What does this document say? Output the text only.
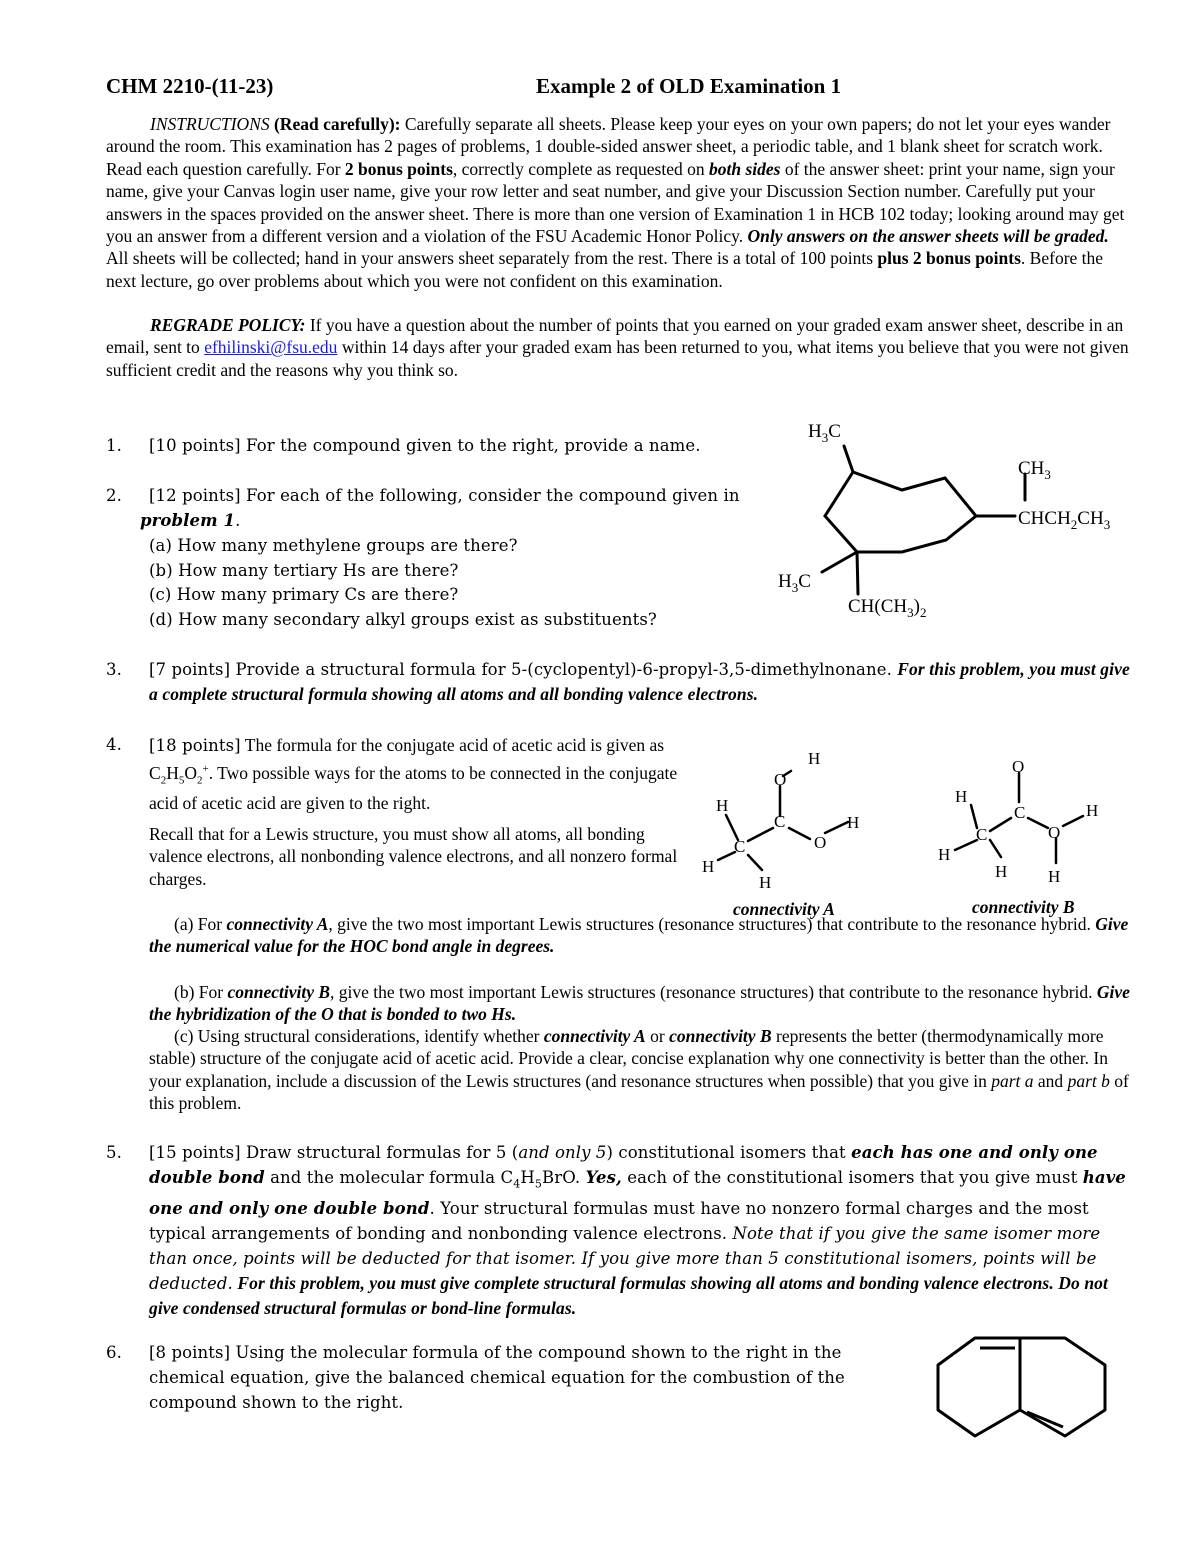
CHM 2210-(11-23)	Example 2 of OLD Examination 1
INSTRUCTIONS (Read carefully): Carefully separate all sheets. Please keep your eyes on your own papers; do not let your eyes wander around the room. This examination has 2 pages of problems, 1 double-sided answer sheet, a periodic table, and 1 blank sheet for scratch work. Read each question carefully. For 2 bonus points, correctly complete as requested on both sides of the answer sheet: print your name, sign your name, give your Canvas login user name, give your row letter and seat number, and give your Discussion Section number. Carefully put your answers in the spaces provided on the answer sheet. There is more than one version of Examination 1 in HCB 102 today; looking around may get you an answer from a different version and a violation of the FSU Academic Honor Policy. Only answers on the answer sheets will be graded. All sheets will be collected; hand in your answers sheet separately from the rest. There is a total of 100 points plus 2 bonus points. Before the next lecture, go over problems about which you were not confident on this examination.
REGRADE POLICY: If you have a question about the number of points that you earned on your graded exam answer sheet, describe in an email, sent to efhilinski@fsu.edu within 14 days after your graded exam has been returned to you, what items you believe that you were not given sufficient credit and the reasons why you think so.
1. [10 points] For the compound given to the right, provide a name.
2. [12 points] For each of the following, consider the compound given in
problem 1.
(a) How many methylene groups are there?
(b) How many tertiary Hs are there?
(c) How many primary Cs are there?
(d) How many secondary alkyl groups exist as substituents?
$H_3C$
$CH_3$
$CHCH_2CH_3$
$H_3C$
$CH(CH_3)_2$
3. [7 points] Provide a structural formula for 5-(cyclopentyl)-6-propyl-3,5-dimethylnonane. For this problem, you must give a complete structural formula showing all atoms and all bonding valence electrons.
4. [18 points] The formula for the conjugate acid of acetic acid is given as $C_2H_5O_2^+$. Two possible ways for the atoms to be connected in the conjugate acid of acetic acid are given to the right.
Recall that for a Lewis structure, you must show all atoms, all bonding valence electrons, all nonbonding valence electrons, and all nonzero formal charges.
O
H
C
O
H
C
H
H
H
O
C
O
H
H
C
H
H
H
connectivity A	connectivity B
(a) For connectivity A, give the two most important Lewis structures (resonance structures) that contribute to the resonance hybrid. Give the numerical value for the HOC bond angle in degrees.
(b) For connectivity B, give the two most important Lewis structures (resonance structures) that contribute to the resonance hybrid. Give the hybridization of the O that is bonded to two Hs.
(c) Using structural considerations, identify whether connectivity A or connectivity B represents the better (thermodynamically more stable) structure of the conjugate acid of acetic acid. Provide a clear, concise explanation why one connectivity is better than the other. In your explanation, include a discussion of the Lewis structures (and resonance structures when possible) that you give in part a and part b of this problem.
5. [15 points] Draw structural formulas for 5 (and only 5) constitutional isomers that each has one and only one double bond and the molecular formula $C_4H_5BrO$. Yes, each of the constitutional isomers that you give must have one and only one double bond. Your structural formulas must have no nonzero formal charges and the most typical arrangements of bonding and nonbonding valence electrons. Note that if you give the same isomer more than once, points will be deducted for that isomer. If you give more than 5 constitutional isomers, points will be deducted. For this problem, you must give complete structural formulas showing all atoms and bonding valence electrons. Do not give condensed structural formulas or bond-line formulas.
6. [8 points] Using the molecular formula of the compound shown to the right in the chemical equation, give the balanced chemical equation for the combustion of the compound shown to the right.
